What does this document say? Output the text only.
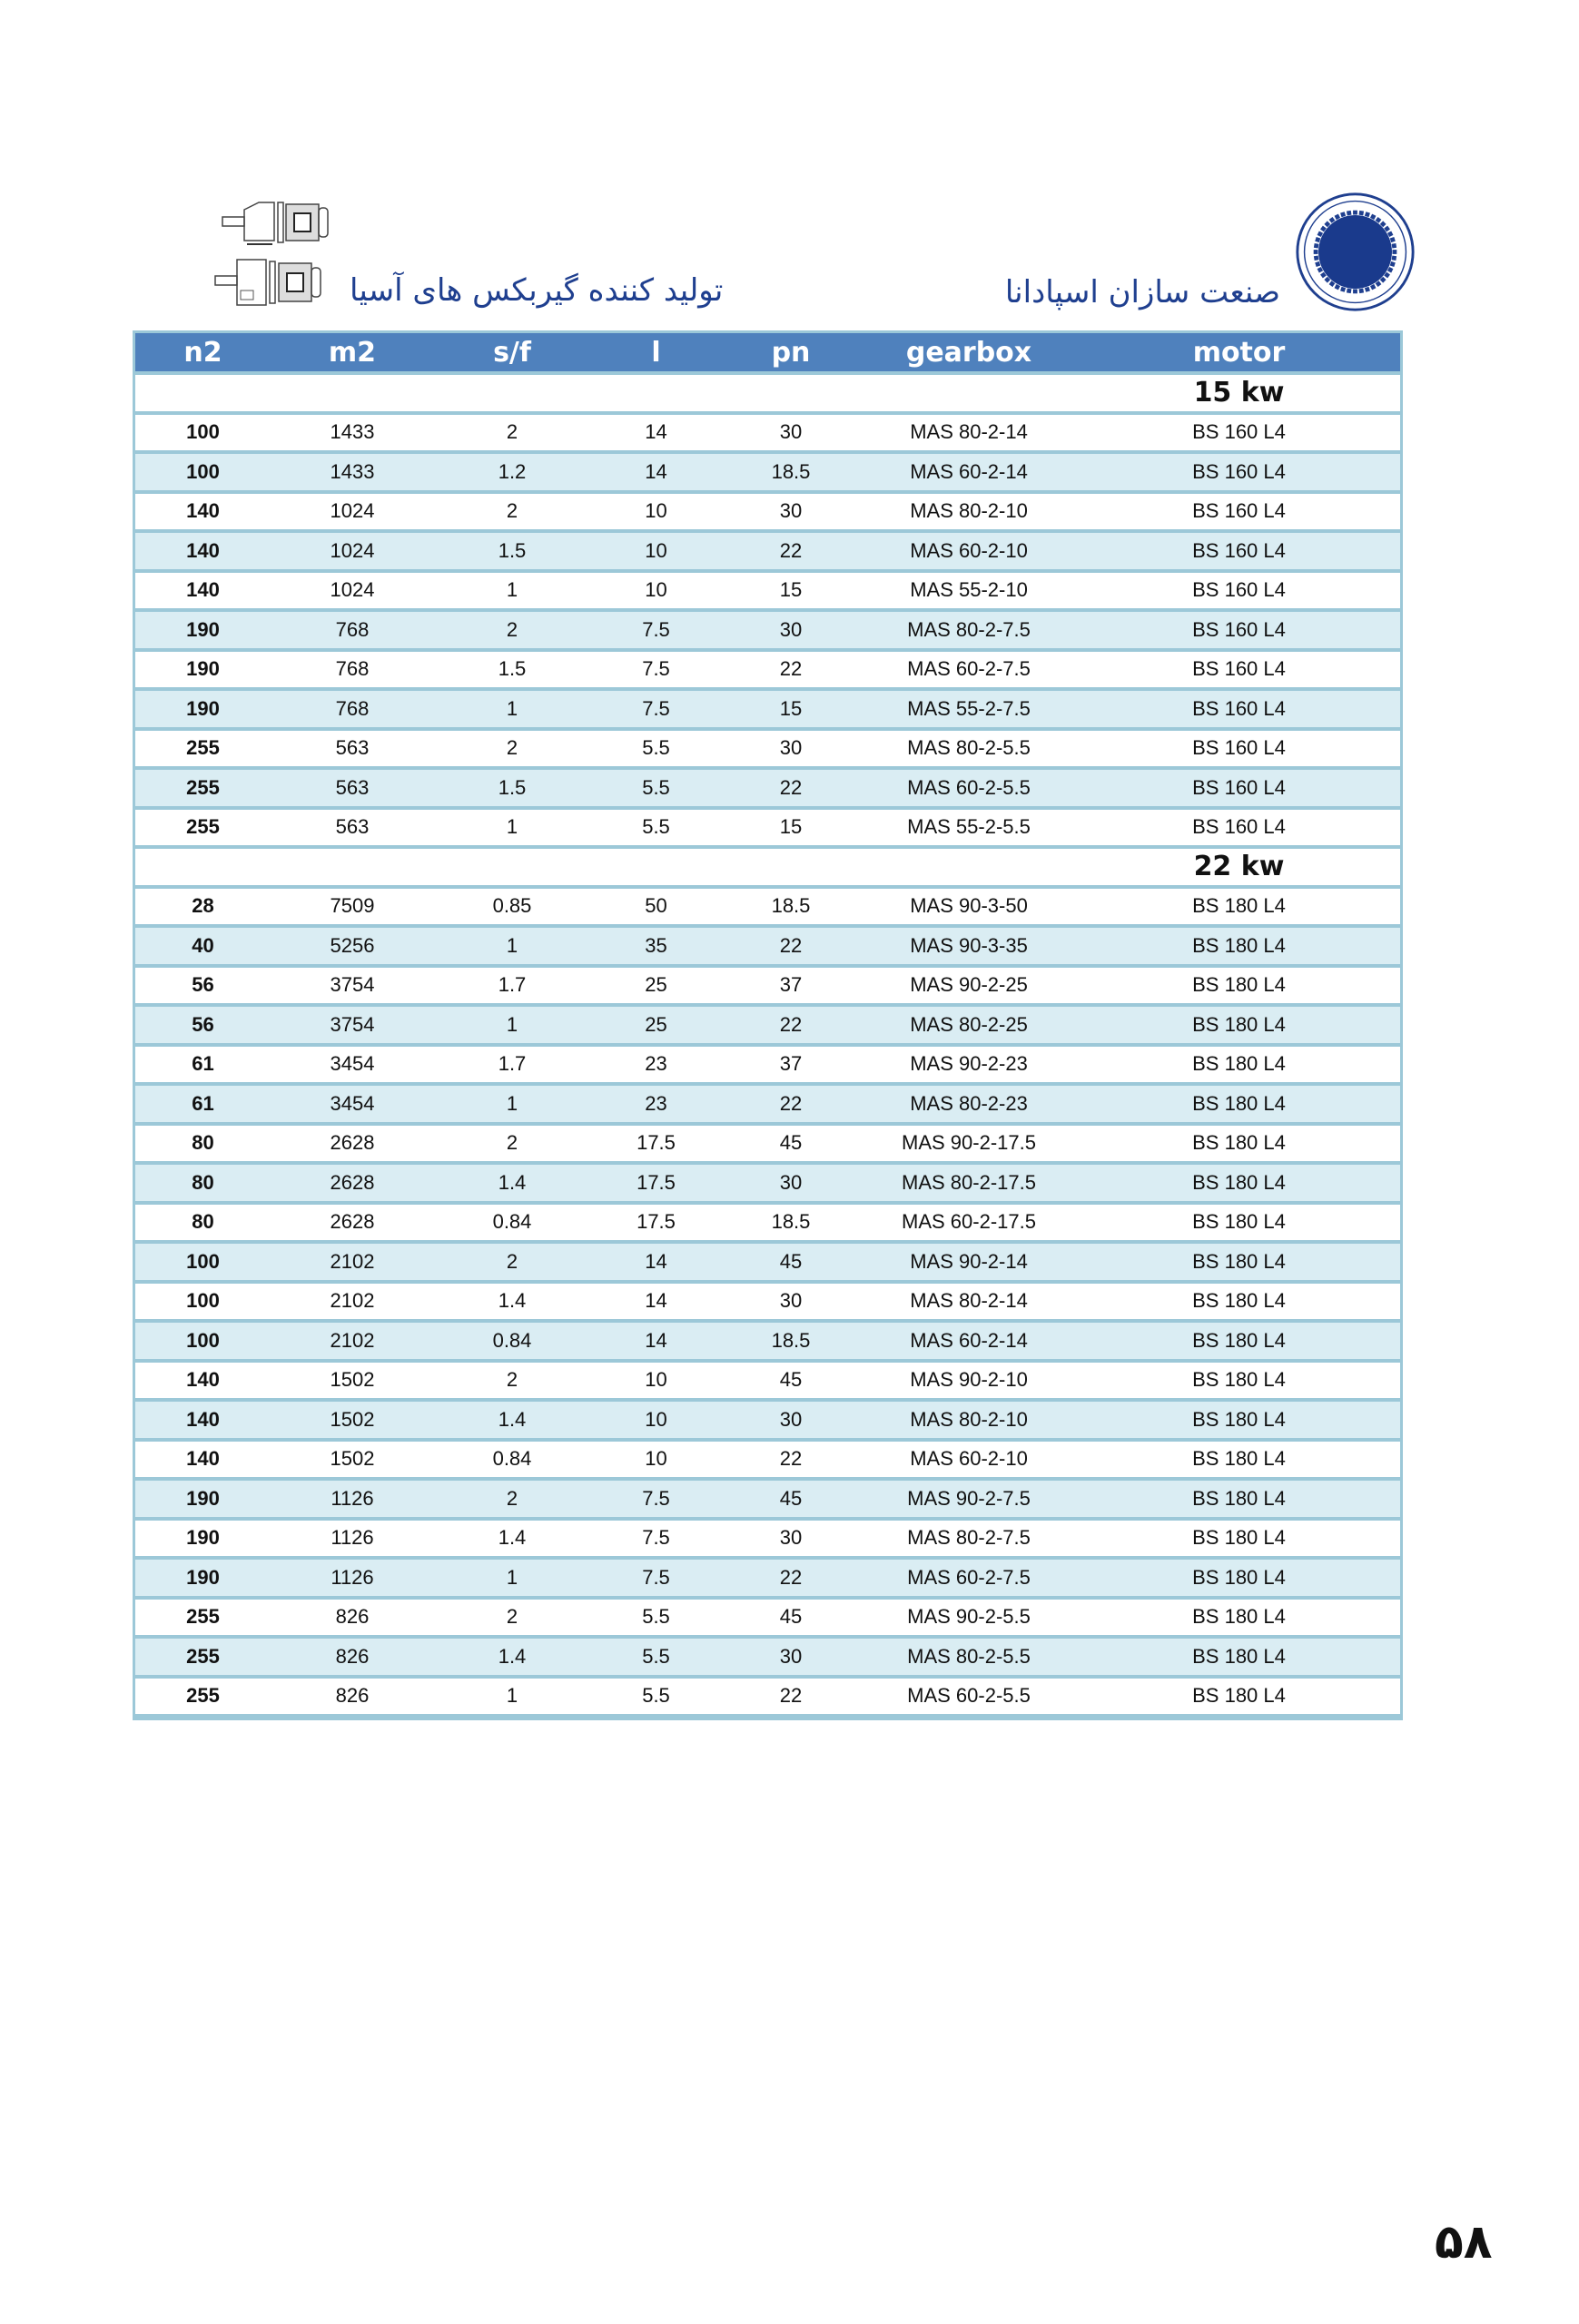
تولید کننده گیربکس های آسیا	صنعت سازان اسپادانا
n2	m2	s/f	l	pn	gearbox	motor
						15 kw
100	1433	2	14	30	MAS 80-2-14	BS 160 L4
100	1433	1.2	14	18.5	MAS 60-2-14	BS 160 L4
140	1024	2	10	30	MAS 80-2-10	BS 160 L4
140	1024	1.5	10	22	MAS 60-2-10	BS 160 L4
140	1024	1	10	15	MAS 55-2-10	BS 160 L4
190	768	2	7.5	30	MAS 80-2-7.5	BS 160 L4
190	768	1.5	7.5	22	MAS 60-2-7.5	BS 160 L4
190	768	1	7.5	15	MAS 55-2-7.5	BS 160 L4
255	563	2	5.5	30	MAS 80-2-5.5	BS 160 L4
255	563	1.5	5.5	22	MAS 60-2-5.5	BS 160 L4
255	563	1	5.5	15	MAS 55-2-5.5	BS 160 L4
						22 kw
28	7509	0.85	50	18.5	MAS 90-3-50	BS 180 L4
40	5256	1	35	22	MAS 90-3-35	BS 180 L4
56	3754	1.7	25	37	MAS 90-2-25	BS 180 L4
56	3754	1	25	22	MAS 80-2-25	BS 180 L4
61	3454	1.7	23	37	MAS 90-2-23	BS 180 L4
61	3454	1	23	22	MAS 80-2-23	BS 180 L4
80	2628	2	17.5	45	MAS 90-2-17.5	BS 180 L4
80	2628	1.4	17.5	30	MAS 80-2-17.5	BS 180 L4
80	2628	0.84	17.5	18.5	MAS 60-2-17.5	BS 180 L4
100	2102	2	14	45	MAS 90-2-14	BS 180 L4
100	2102	1.4	14	30	MAS 80-2-14	BS 180 L4
100	2102	0.84	14	18.5	MAS 60-2-14	BS 180 L4
140	1502	2	10	45	MAS 90-2-10	BS 180 L4
140	1502	1.4	10	30	MAS 80-2-10	BS 180 L4
140	1502	0.84	10	22	MAS 60-2-10	BS 180 L4
190	1126	2	7.5	45	MAS 90-2-7.5	BS 180 L4
190	1126	1.4	7.5	30	MAS 80-2-7.5	BS 180 L4
190	1126	1	7.5	22	MAS 60-2-7.5	BS 180 L4
255	826	2	5.5	45	MAS 90-2-5.5	BS 180 L4
255	826	1.4	5.5	30	MAS 80-2-5.5	BS 180 L4
255	826	1	5.5	22	MAS 60-2-5.5	BS 180 L4
۵۸
